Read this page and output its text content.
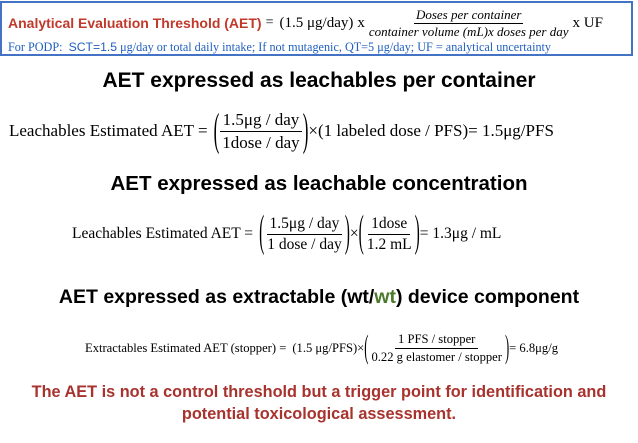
Analytical Evaluation Threshold (AET) = (1.5 μg/day) x $\frac{\text{Doses per container}}{\text{container volume (mL)x doses per day}}$ x UF
For PODP: SCT=1.5 μg/day or total daily intake; If not mutagenic, QT=5 μg/day; UF = analytical uncertainty
AET expressed as leachables per container
Leachables Estimated AET = ( $\frac{\text{1.5μg / day}}{\text{1dose / day}}$ ) × (1 labeled dose / PFS) = 1.5μg/PFS
AET expressed as leachable concentration
Leachables Estimated AET = ( $\frac{\text{1.5μg / day}}{\text{1 dose / day}}$ ) × ( $\frac{\text{1dose}}{1.2 mL}$ ) = 1.3μg / mL
AET expressed as extractable (wt/wt) device component
Extractables Estimated AET (stopper) = (1.5 μg/PFS) × ( $\frac{\text{1 PFS / stopper}}{\text{0.22 g elastomer / stopper}}$ ) = 6.8μg/g
The AET is not a control threshold but a trigger point for identification and
potential toxicological assessment.
